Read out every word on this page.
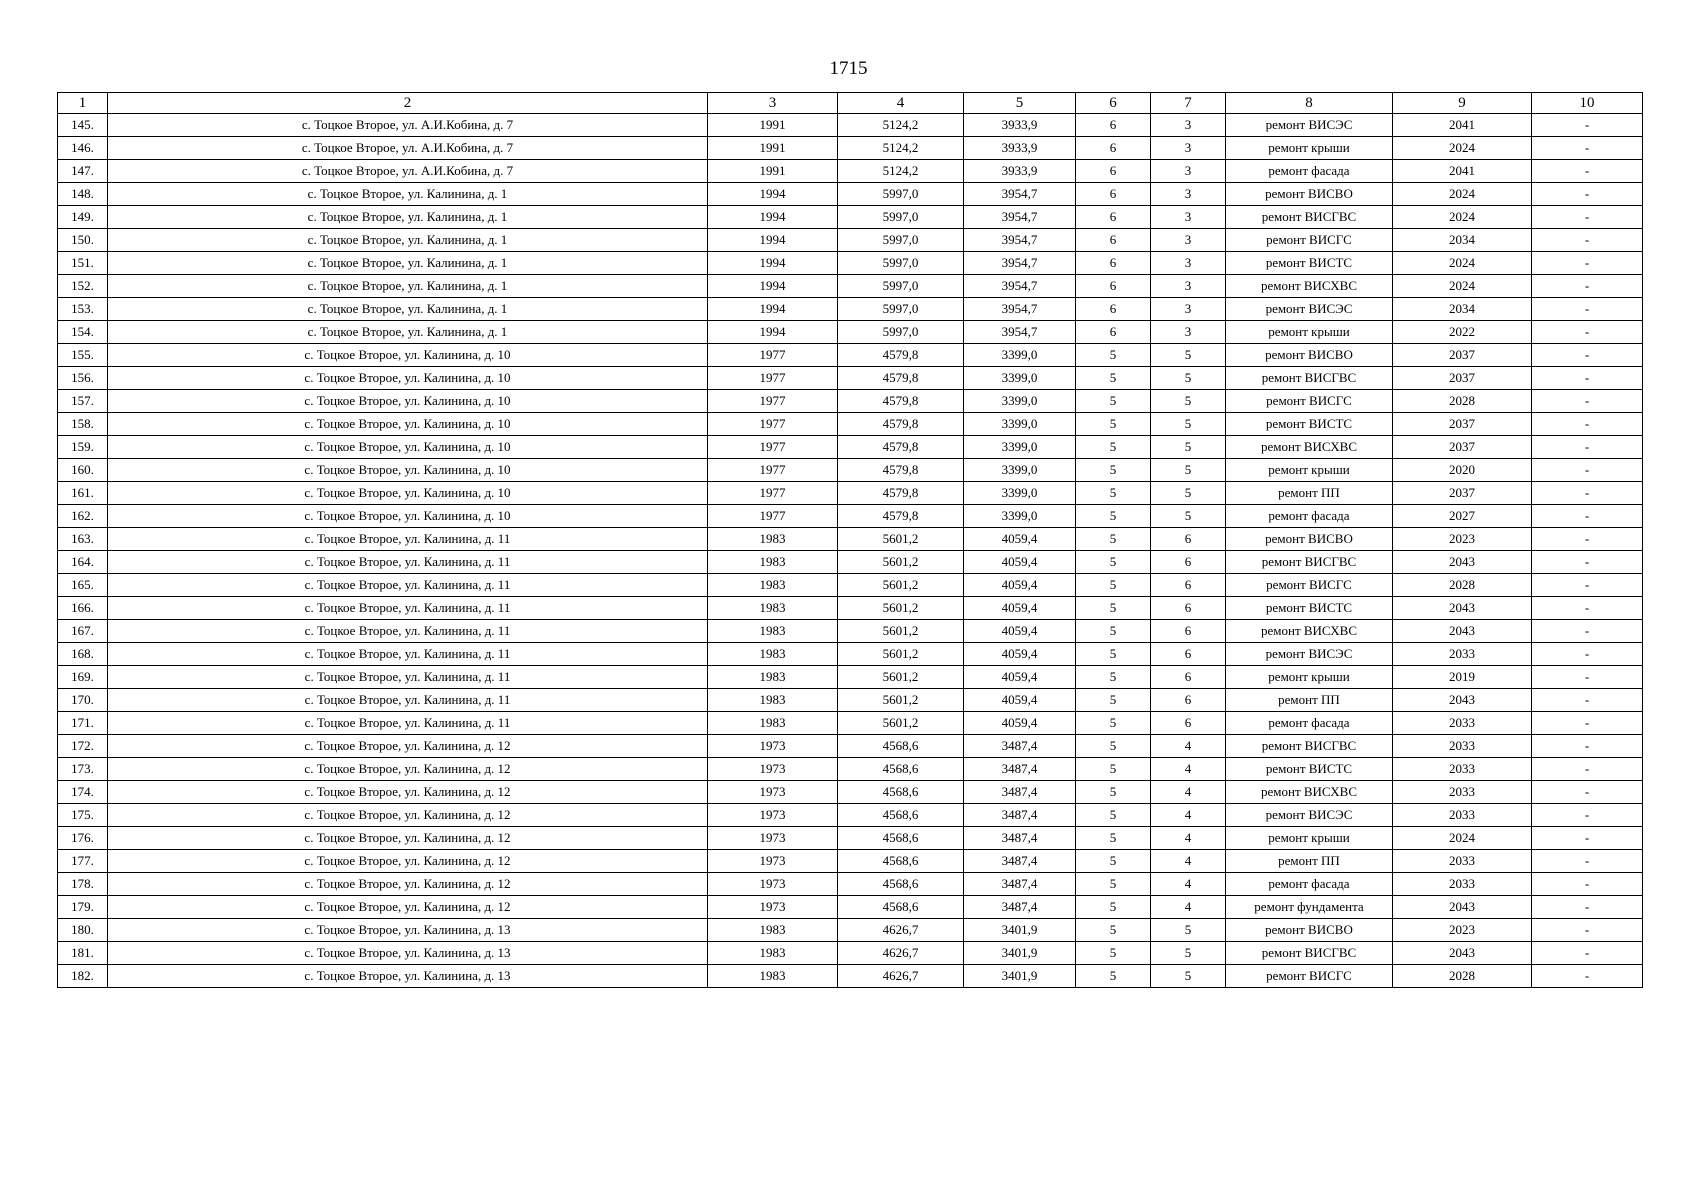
1715
1	2	3	4	5	6	7	8	9	10
145.	с. Тоцкое Второе, ул. А.И.Кобина, д. 7	1991	5124,2	3933,9	6	3	ремонт ВИСЭС	2041	-
146.	с. Тоцкое Второе, ул. А.И.Кобина, д. 7	1991	5124,2	3933,9	6	3	ремонт крыши	2024	-
147.	с. Тоцкое Второе, ул. А.И.Кобина, д. 7	1991	5124,2	3933,9	6	3	ремонт фасада	2041	-
148.	с. Тоцкое Второе, ул. Калинина, д. 1	1994	5997,0	3954,7	6	3	ремонт ВИСВО	2024	-
149.	с. Тоцкое Второе, ул. Калинина, д. 1	1994	5997,0	3954,7	6	3	ремонт ВИСГВС	2024	-
150.	с. Тоцкое Второе, ул. Калинина, д. 1	1994	5997,0	3954,7	6	3	ремонт ВИСГС	2034	-
151.	с. Тоцкое Второе, ул. Калинина, д. 1	1994	5997,0	3954,7	6	3	ремонт ВИСТС	2024	-
152.	с. Тоцкое Второе, ул. Калинина, д. 1	1994	5997,0	3954,7	6	3	ремонт ВИСХВС	2024	-
153.	с. Тоцкое Второе, ул. Калинина, д. 1	1994	5997,0	3954,7	6	3	ремонт ВИСЭС	2034	-
154.	с. Тоцкое Второе, ул. Калинина, д. 1	1994	5997,0	3954,7	6	3	ремонт крыши	2022	-
155.	с. Тоцкое Второе, ул. Калинина, д. 10	1977	4579,8	3399,0	5	5	ремонт ВИСВО	2037	-
156.	с. Тоцкое Второе, ул. Калинина, д. 10	1977	4579,8	3399,0	5	5	ремонт ВИСГВС	2037	-
157.	с. Тоцкое Второе, ул. Калинина, д. 10	1977	4579,8	3399,0	5	5	ремонт ВИСГС	2028	-
158.	с. Тоцкое Второе, ул. Калинина, д. 10	1977	4579,8	3399,0	5	5	ремонт ВИСТС	2037	-
159.	с. Тоцкое Второе, ул. Калинина, д. 10	1977	4579,8	3399,0	5	5	ремонт ВИСХВС	2037	-
160.	с. Тоцкое Второе, ул. Калинина, д. 10	1977	4579,8	3399,0	5	5	ремонт крыши	2020	-
161.	с. Тоцкое Второе, ул. Калинина, д. 10	1977	4579,8	3399,0	5	5	ремонт ПП	2037	-
162.	с. Тоцкое Второе, ул. Калинина, д. 10	1977	4579,8	3399,0	5	5	ремонт фасада	2027	-
163.	с. Тоцкое Второе, ул. Калинина, д. 11	1983	5601,2	4059,4	5	6	ремонт ВИСВО	2023	-
164.	с. Тоцкое Второе, ул. Калинина, д. 11	1983	5601,2	4059,4	5	6	ремонт ВИСГВС	2043	-
165.	с. Тоцкое Второе, ул. Калинина, д. 11	1983	5601,2	4059,4	5	6	ремонт ВИСГС	2028	-
166.	с. Тоцкое Второе, ул. Калинина, д. 11	1983	5601,2	4059,4	5	6	ремонт ВИСТС	2043	-
167.	с. Тоцкое Второе, ул. Калинина, д. 11	1983	5601,2	4059,4	5	6	ремонт ВИСХВС	2043	-
168.	с. Тоцкое Второе, ул. Калинина, д. 11	1983	5601,2	4059,4	5	6	ремонт ВИСЭС	2033	-
169.	с. Тоцкое Второе, ул. Калинина, д. 11	1983	5601,2	4059,4	5	6	ремонт крыши	2019	-
170.	с. Тоцкое Второе, ул. Калинина, д. 11	1983	5601,2	4059,4	5	6	ремонт ПП	2043	-
171.	с. Тоцкое Второе, ул. Калинина, д. 11	1983	5601,2	4059,4	5	6	ремонт фасада	2033	-
172.	с. Тоцкое Второе, ул. Калинина, д. 12	1973	4568,6	3487,4	5	4	ремонт ВИСГВС	2033	-
173.	с. Тоцкое Второе, ул. Калинина, д. 12	1973	4568,6	3487,4	5	4	ремонт ВИСТС	2033	-
174.	с. Тоцкое Второе, ул. Калинина, д. 12	1973	4568,6	3487,4	5	4	ремонт ВИСХВС	2033	-
175.	с. Тоцкое Второе, ул. Калинина, д. 12	1973	4568,6	3487,4	5	4	ремонт ВИСЭС	2033	-
176.	с. Тоцкое Второе, ул. Калинина, д. 12	1973	4568,6	3487,4	5	4	ремонт крыши	2024	-
177.	с. Тоцкое Второе, ул. Калинина, д. 12	1973	4568,6	3487,4	5	4	ремонт ПП	2033	-
178.	с. Тоцкое Второе, ул. Калинина, д. 12	1973	4568,6	3487,4	5	4	ремонт фасада	2033	-
179.	с. Тоцкое Второе, ул. Калинина, д. 12	1973	4568,6	3487,4	5	4	ремонт фундамента	2043	-
180.	с. Тоцкое Второе, ул. Калинина, д. 13	1983	4626,7	3401,9	5	5	ремонт ВИСВО	2023	-
181.	с. Тоцкое Второе, ул. Калинина, д. 13	1983	4626,7	3401,9	5	5	ремонт ВИСГВС	2043	-
182.	с. Тоцкое Второе, ул. Калинина, д. 13	1983	4626,7	3401,9	5	5	ремонт ВИСГС	2028	-
